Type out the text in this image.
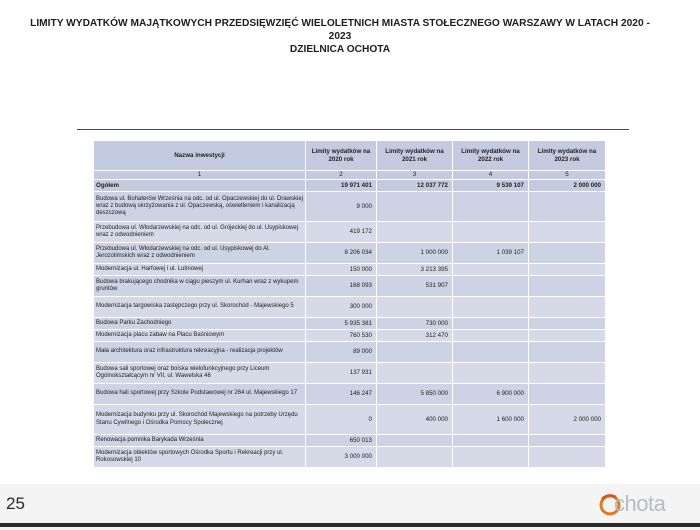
LIMITY WYDATKÓW MAJĄTKOWYCH PRZEDSIĘWZIĘĆ WIELOLETNICH MIASTA STOŁECZNEGO WARSZAWY W LATACH 2020 -
2023
DZIELNICA OCHOTA
Nazwa inwestycji	Limity wydatków na 2020 rok	Limity wydatków na 2021 rok	Limity wydatków na 2022 rok	Limity wydatków na 2023 rok
1	2	3	4	5
Ogółem	19 971 401	12 037 772	9 539 107	2 000 000
Budowa ul. Bohaterów Września na odc. od ul. Opaczewskiej do ul. Drawskiej wraz z budową skrzyżowania z ul. Opaczewską, oświetleniem i kanalizacją deszczową	9 000			
Przebudowa ul. Włodarzewskiej na odc. od ul. Grójeckiej do ul. Usypiskowej wraz z odwodnieniem	419 172			
Przebudowa ul. Włodarzewskiej na odc. od ul. Usypiskowej do Al. Jerozolimskich wraz z odwodnieniem	8 206 034	1 000 000	1 039 107	
Modernizacja ul. Harfowej i ul. Lutniowej	150 000	3 213 395		
Budowa brakującego chodnika w ciągu pieszym ul. Kurhan wraz z wykupem gruntów	168 093	531 907		
Modernizacja targowiska zastępczego przy ul. Skorochód - Majewskiego 5	300 000			
Budowa Parku Zachodniego	5 935 381	730 000		
Modernizacja placu zabaw na Placu Baśniowym	760 530	312 470		
Mała architektura oraz infrastruktura rekreacyjna - realizacja projektów	89 000			
Budowa sali sportowej oraz boiska wielofunkcyjnego przy Liceum Ogólnokształcącym nr VII, ul. Wawelska 46	137 931			
Budowa hali sportowej przy Szkole Podstawowej nr 264 ul. Majewskiego 17	146 247	5 850 000	6 900 000	
Modernizacja budynku przy ul. Skorochód Majewskiego na potrzeby Urzędu Stanu Cywilnego i Ośrodka Pomocy Społecznej	0	400 000	1 600 000	2 000 000
Renowacja pomnika Barykada Września	650 013			
Modernizacja obiektów sportowych Ośrodka Sportu i Rekreacji przy ul. Rokosowskiej 10	3 000 000			
25	chota
